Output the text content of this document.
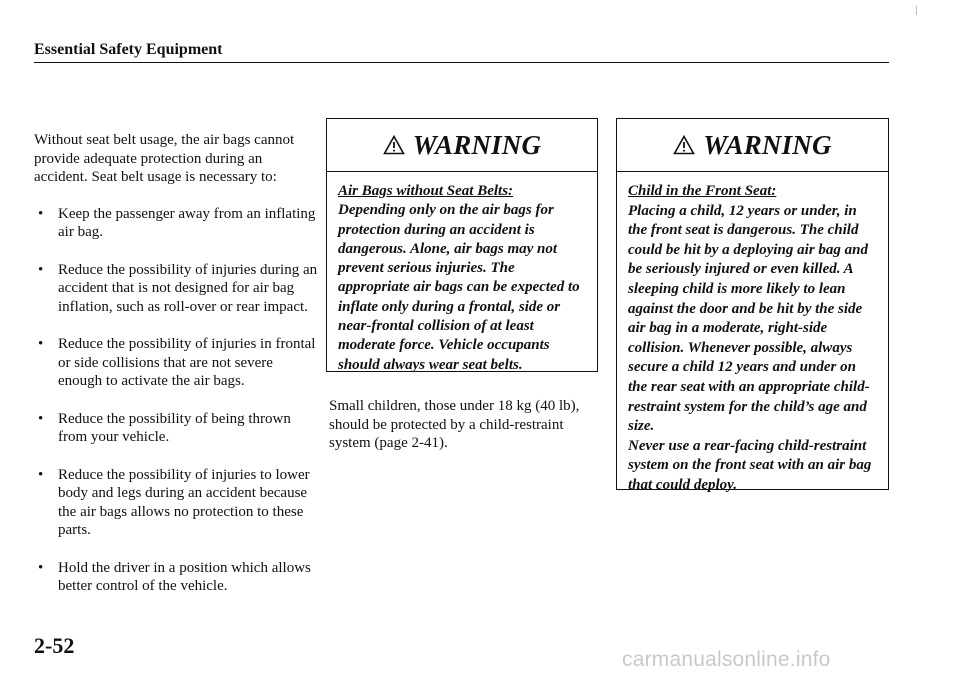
Essential Safety Equipment

Without seat belt usage, the air bags cannot provide adequate protection during an accident. Seat belt usage is necessary to:

• Keep the passenger away from an inflating air bag.
• Reduce the possibility of injuries during an accident that is not designed for air bag inflation, such as roll-over or rear impact.
• Reduce the possibility of injuries in frontal or side collisions that are not severe enough to activate the air bags.
• Reduce the possibility of being thrown from your vehicle.
• Reduce the possibility of injuries to lower body and legs during an accident because the air bags allows no protection to these parts.
• Hold the driver in a position which allows better control of the vehicle.
WARNING
Air Bags without Seat Belts:
Depending only on the air bags for protection during an accident is dangerous. Alone, air bags may not prevent serious injuries. The appropriate air bags can be expected to inflate only during a frontal, side or near-frontal collision of at least moderate force. Vehicle occupants should always wear seat belts.
Small children, those under 18 kg (40 lb), should be protected by a child-restraint system (page 2-41).
WARNING
Child in the Front Seat:
Placing a child, 12 years or under, in the front seat is dangerous. The child could be hit by a deploying air bag and be seriously injured or even killed. A sleeping child is more likely to lean against the door and be hit by the side air bag in a moderate, right-side collision. Whenever possible, always secure a child 12 years and under on the rear seat with an appropriate child-restraint system for the child’s age and size.
Never use a rear-facing child-restraint system on the front seat with an air bag that could deploy.
2-52
carmanualsonline.info
